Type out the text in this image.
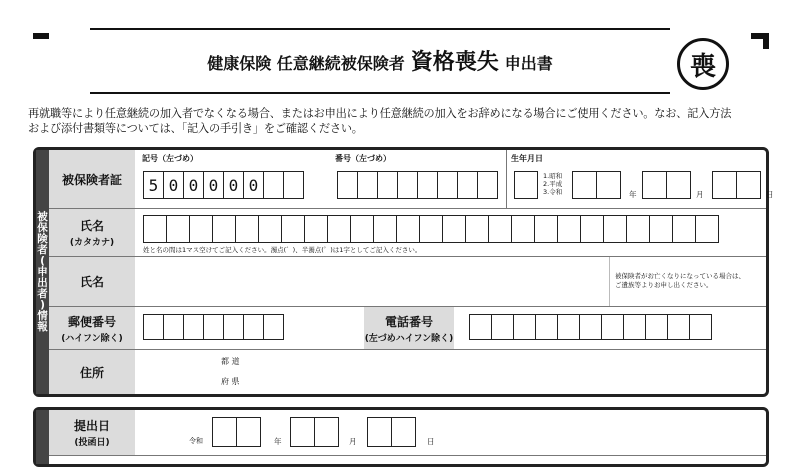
健康保険 任意継続被保険者 資格喪失 申出書	喪
再就職等により任意継続の加入者でなくなる場合、またはお申出により任意継続の加入をお辞めになる場合にご使用ください。なお、記入方法
および添付書類等については、「記入の手引き」をご確認ください。
被
保
険
者
(
申
出
者
)
情
報
被保険者証
記号（左づめ）	番号（左づめ）
5 0 0 0 0 0
生年月日
1.昭和
2.平成
3.令和	年	月	日
氏名
(カタカナ)
姓と名の間は1マス空けてご記入ください。濁点(゛)、半濁点(゜)は1字としてご記入ください。
氏名	被保険者がお亡くなりになっている場合は、
ご遺族等よりお申し出ください。
郵便番号
(ハイフン除く)
電話番号
(左づめハイフン除く)
住所
都 道
府 県
提出日
(投函日)	令和	年	月	日
